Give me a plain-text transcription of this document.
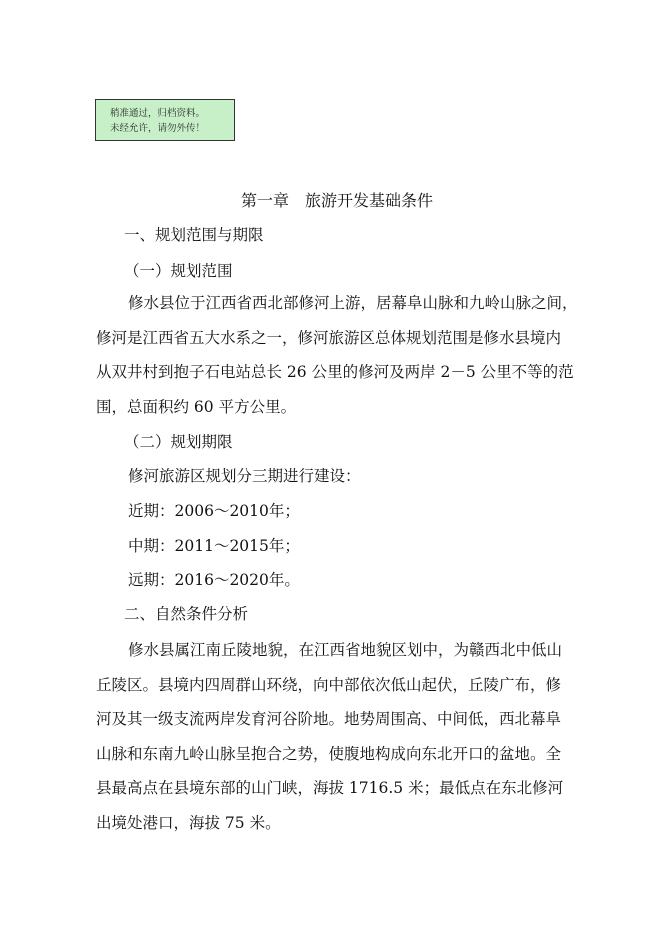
稍准通过，归档资料。
未经允许，请勿外传！
第一章　旅游开发基础条件
一、规划范围与期限
（一）规划范围
修水县位于江西省西北部修河上游，居幕阜山脉和九岭山脉之间，
修河是江西省五大水系之一，修河旅游区总体规划范围是修水县境内
从双井村到抱子石电站总长 26 公里的修河及两岸 2－5 公里不等的范
围，总面积约 60 平方公里。
（二）规划期限
修河旅游区规划分三期进行建设：
近期：2006～2010年；
中期：2011～2015年；
远期：2016～2020年。
二、自然条件分析
修水县属江南丘陵地貌，在江西省地貌区划中，为赣西北中低山
丘陵区。县境内四周群山环绕，向中部依次低山起伏，丘陵广布，修
河及其一级支流两岸发育河谷阶地。地势周围高、中间低，西北幕阜
山脉和东南九岭山脉呈抱合之势，使腹地构成向东北开口的盆地。全
县最高点在县境东部的山门峡，海拔 1716.5 米；最低点在东北修河
出境处港口，海拔 75 米。
